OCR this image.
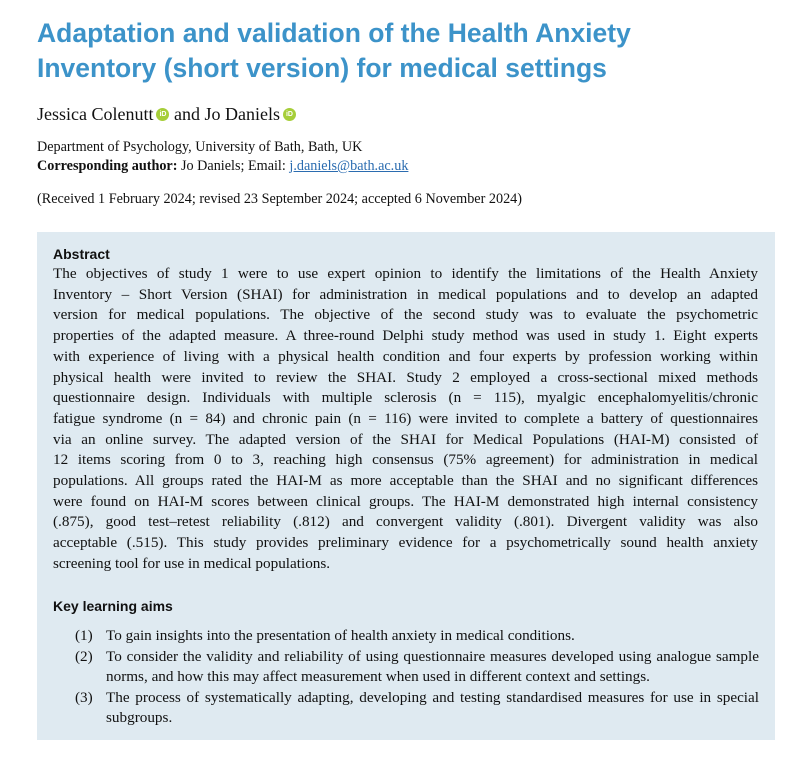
Adaptation and validation of the Health Anxiety
Inventory (short version) for medical settings
Jessica Colenutt iD and Jo Daniels iD
Department of Psychology, University of Bath, Bath, UK
Corresponding author: Jo Daniels; Email: j.daniels@bath.ac.uk
(Received 1 February 2024; revised 23 September 2024; accepted 6 November 2024)
Abstract
The objectives of study 1 were to use expert opinion to identify the limitations of the Health Anxiety
Inventory – Short Version (SHAI) for administration in medical populations and to develop an adapted
version for medical populations. The objective of the second study was to evaluate the psychometric
properties of the adapted measure. A three-round Delphi study method was used in study 1. Eight experts
with experience of living with a physical health condition and four experts by profession working within
physical health were invited to review the SHAI. Study 2 employed a cross-sectional mixed methods
questionnaire design. Individuals with multiple sclerosis (n = 115), myalgic encephalomyelitis/chronic
fatigue syndrome (n = 84) and chronic pain (n = 116) were invited to complete a battery of questionnaires
via an online survey. The adapted version of the SHAI for Medical Populations (HAI-M) consisted of
12 items scoring from 0 to 3, reaching high consensus (75% agreement) for administration in medical
populations. All groups rated the HAI-M as more acceptable than the SHAI and no significant differences
were found on HAI-M scores between clinical groups. The HAI-M demonstrated high internal consistency
(.875), good test–retest reliability (.812) and convergent validity (.801). Divergent validity was also
acceptable (.515). This study provides preliminary evidence for a psychometrically sound health anxiety
screening tool for use in medical populations.
Key learning aims
(1) To gain insights into the presentation of health anxiety in medical conditions.
(2) To consider the validity and reliability of using questionnaire measures developed using analogue sample norms, and how this may affect measurement when used in different context and settings.
(3) The process of systematically adapting, developing and testing standardised measures for use in special subgroups.
